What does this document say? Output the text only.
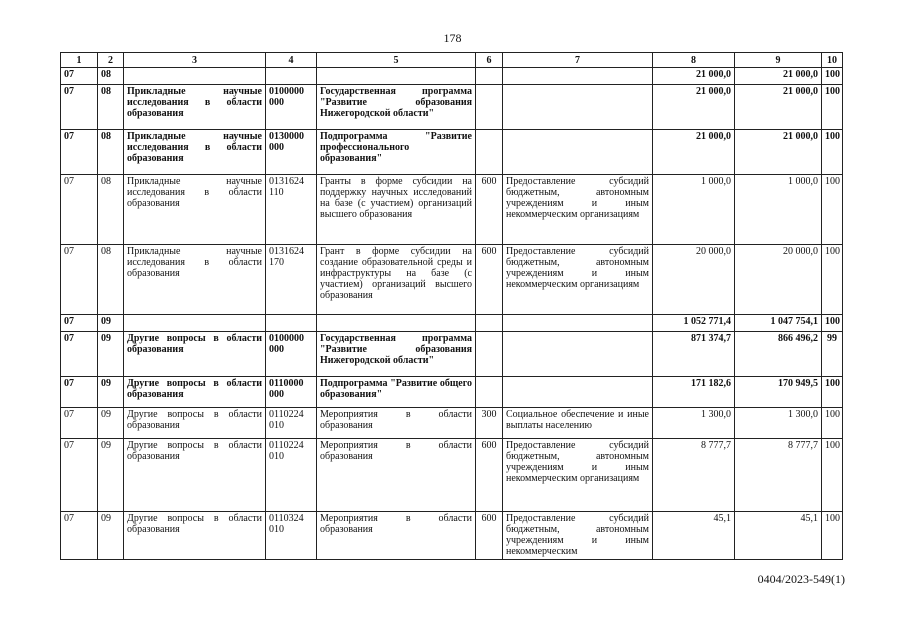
178
1	2	3	4	5	6	7	8	9	10
07	08						21 000,0	21 000,0	100
07	08	Прикладные научные исследования в области образования	0100000 000	Государственная программа "Развитие образования Нижегородской области"			21 000,0	21 000,0	100
07	08	Прикладные научные исследования в области образования	0130000 000	Подпрограмма "Развитие профессионального образования"			21 000,0	21 000,0	100
07	08	Прикладные научные исследования в области образования	0131624 110	Гранты в форме субсидии на поддержку научных исследований на базе (с участием) организаций высшего образования	600	Предоставление субсидий бюджетным, автономным учреждениям и иным некоммерческим организациям	1 000,0	1 000,0	100
07	08	Прикладные научные исследования в области образования	0131624 170	Грант в форме субсидии на создание образовательной среды и инфраструктуры на базе (с участием) организаций высшего образования	600	Предоставление субсидий бюджетным, автономным учреждениям и иным некоммерческим организациям	20 000,0	20 000,0	100
07	09						1 052 771,4	1 047 754,1	100
07	09	Другие вопросы в области образования	0100000 000	Государственная программа "Развитие образования Нижегородской области"			871 374,7	866 496,2	99
07	09	Другие вопросы в области образования	0110000 000	Подпрограмма "Развитие общего образования"			171 182,6	170 949,5	100
07	09	Другие вопросы в области образования	0110224 010	Мероприятия в области образования	300	Социальное обеспечение и иные выплаты населению	1 300,0	1 300,0	100
07	09	Другие вопросы в области образования	0110224 010	Мероприятия в области образования	600	Предоставление субсидий бюджетным, автономным учреждениям и иным некоммерческим организациям	8 777,7	8 777,7	100
07	09	Другие вопросы в области образования	0110324 010	Мероприятия в области образования	600	Предоставление субсидий бюджетным, автономным учреждениям и иным некоммерческим	45,1	45,1	100
0404/2023-549(1)
